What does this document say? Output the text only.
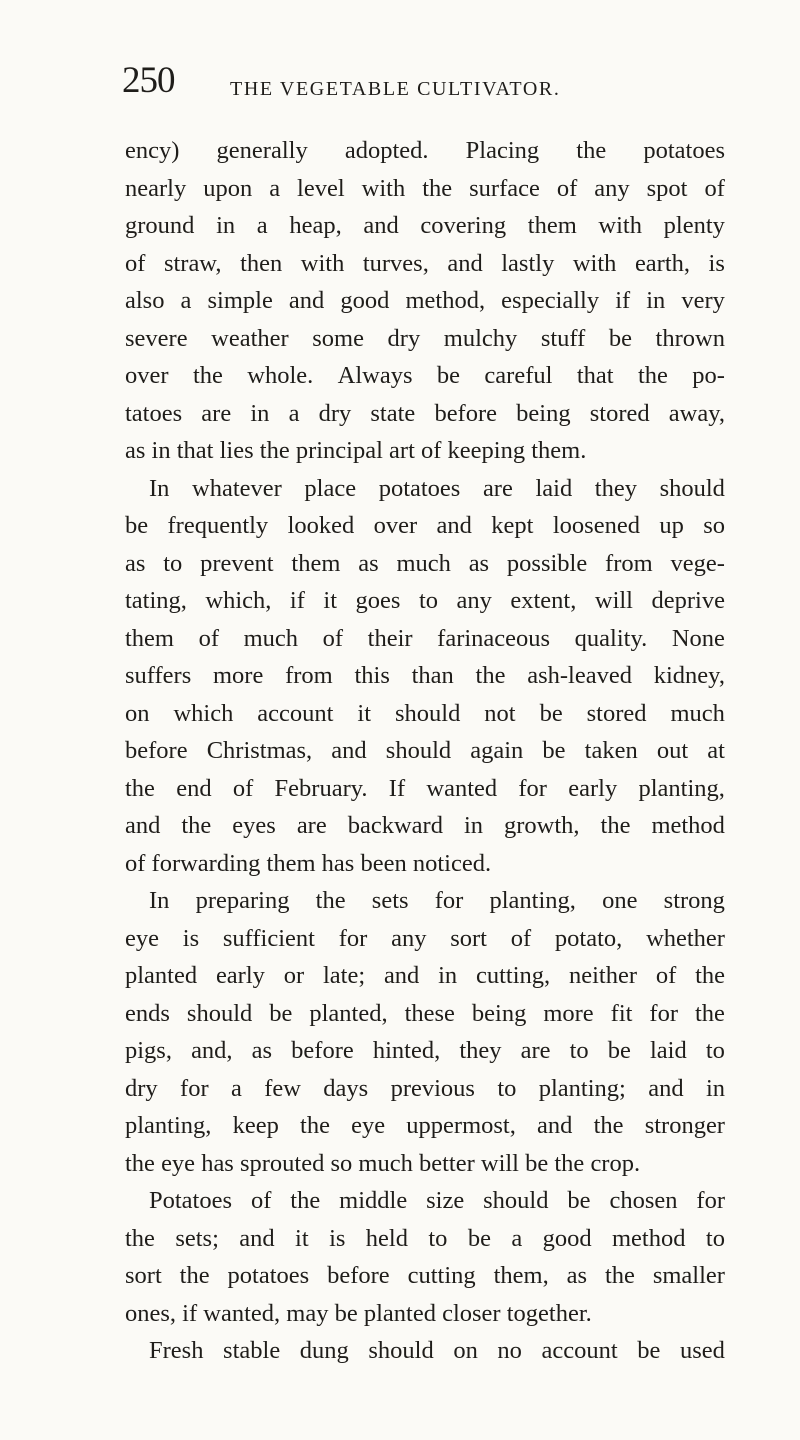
250	THE VEGETABLE CULTIVATOR.
ency) generally adopted. Placing the potatoes
nearly upon a level with the surface of any spot of
ground in a heap, and covering them with plenty
of straw, then with turves, and lastly with earth, is
also a simple and good method, especially if in very
severe weather some dry mulchy stuff be thrown
over the whole. Always be careful that the po-
tatoes are in a dry state before being stored away,
as in that lies the principal art of keeping them.
In whatever place potatoes are laid they should
be frequently looked over and kept loosened up so
as to prevent them as much as possible from vege-
tating, which, if it goes to any extent, will deprive
them of much of their farinaceous quality. None
suffers more from this than the ash-leaved kidney,
on which account it should not be stored much
before Christmas, and should again be taken out at
the end of February. If wanted for early planting,
and the eyes are backward in growth, the method
of forwarding them has been noticed.
In preparing the sets for planting, one strong
eye is sufficient for any sort of potato, whether
planted early or late; and in cutting, neither of the
ends should be planted, these being more fit for the
pigs, and, as before hinted, they are to be laid to
dry for a few days previous to planting; and in
planting, keep the eye uppermost, and the stronger
the eye has sprouted so much better will be the crop.
Potatoes of the middle size should be chosen for
the sets; and it is held to be a good method to
sort the potatoes before cutting them, as the smaller
ones, if wanted, may be planted closer together.
Fresh stable dung should on no account be used
